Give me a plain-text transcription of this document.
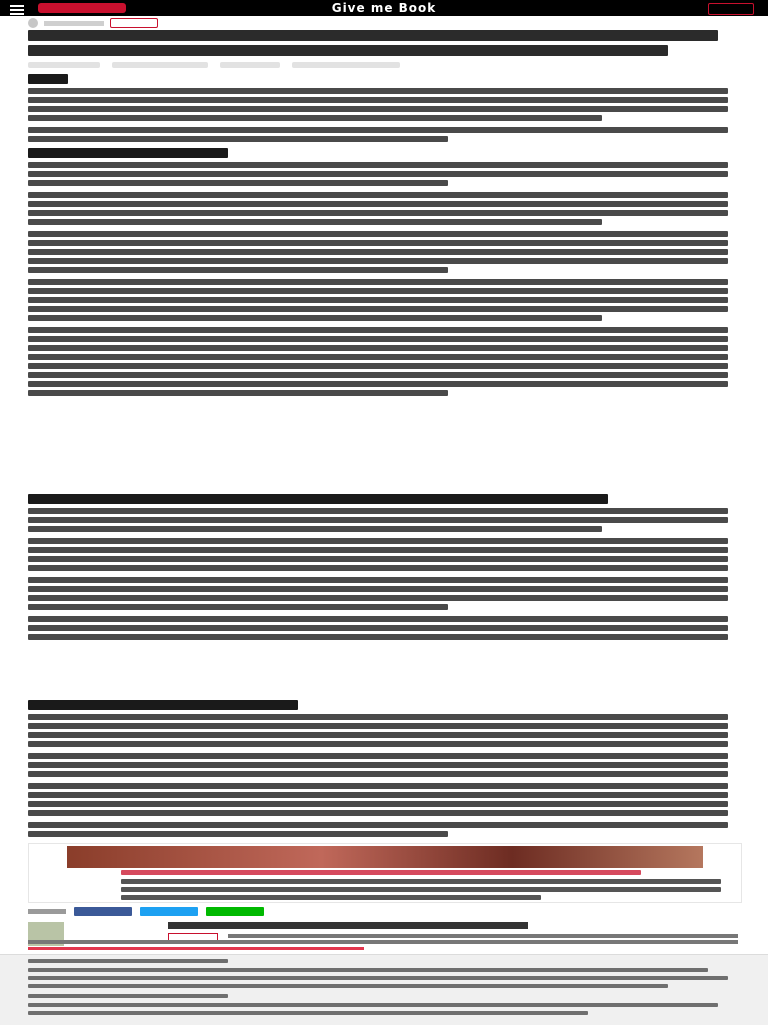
Give me Book
